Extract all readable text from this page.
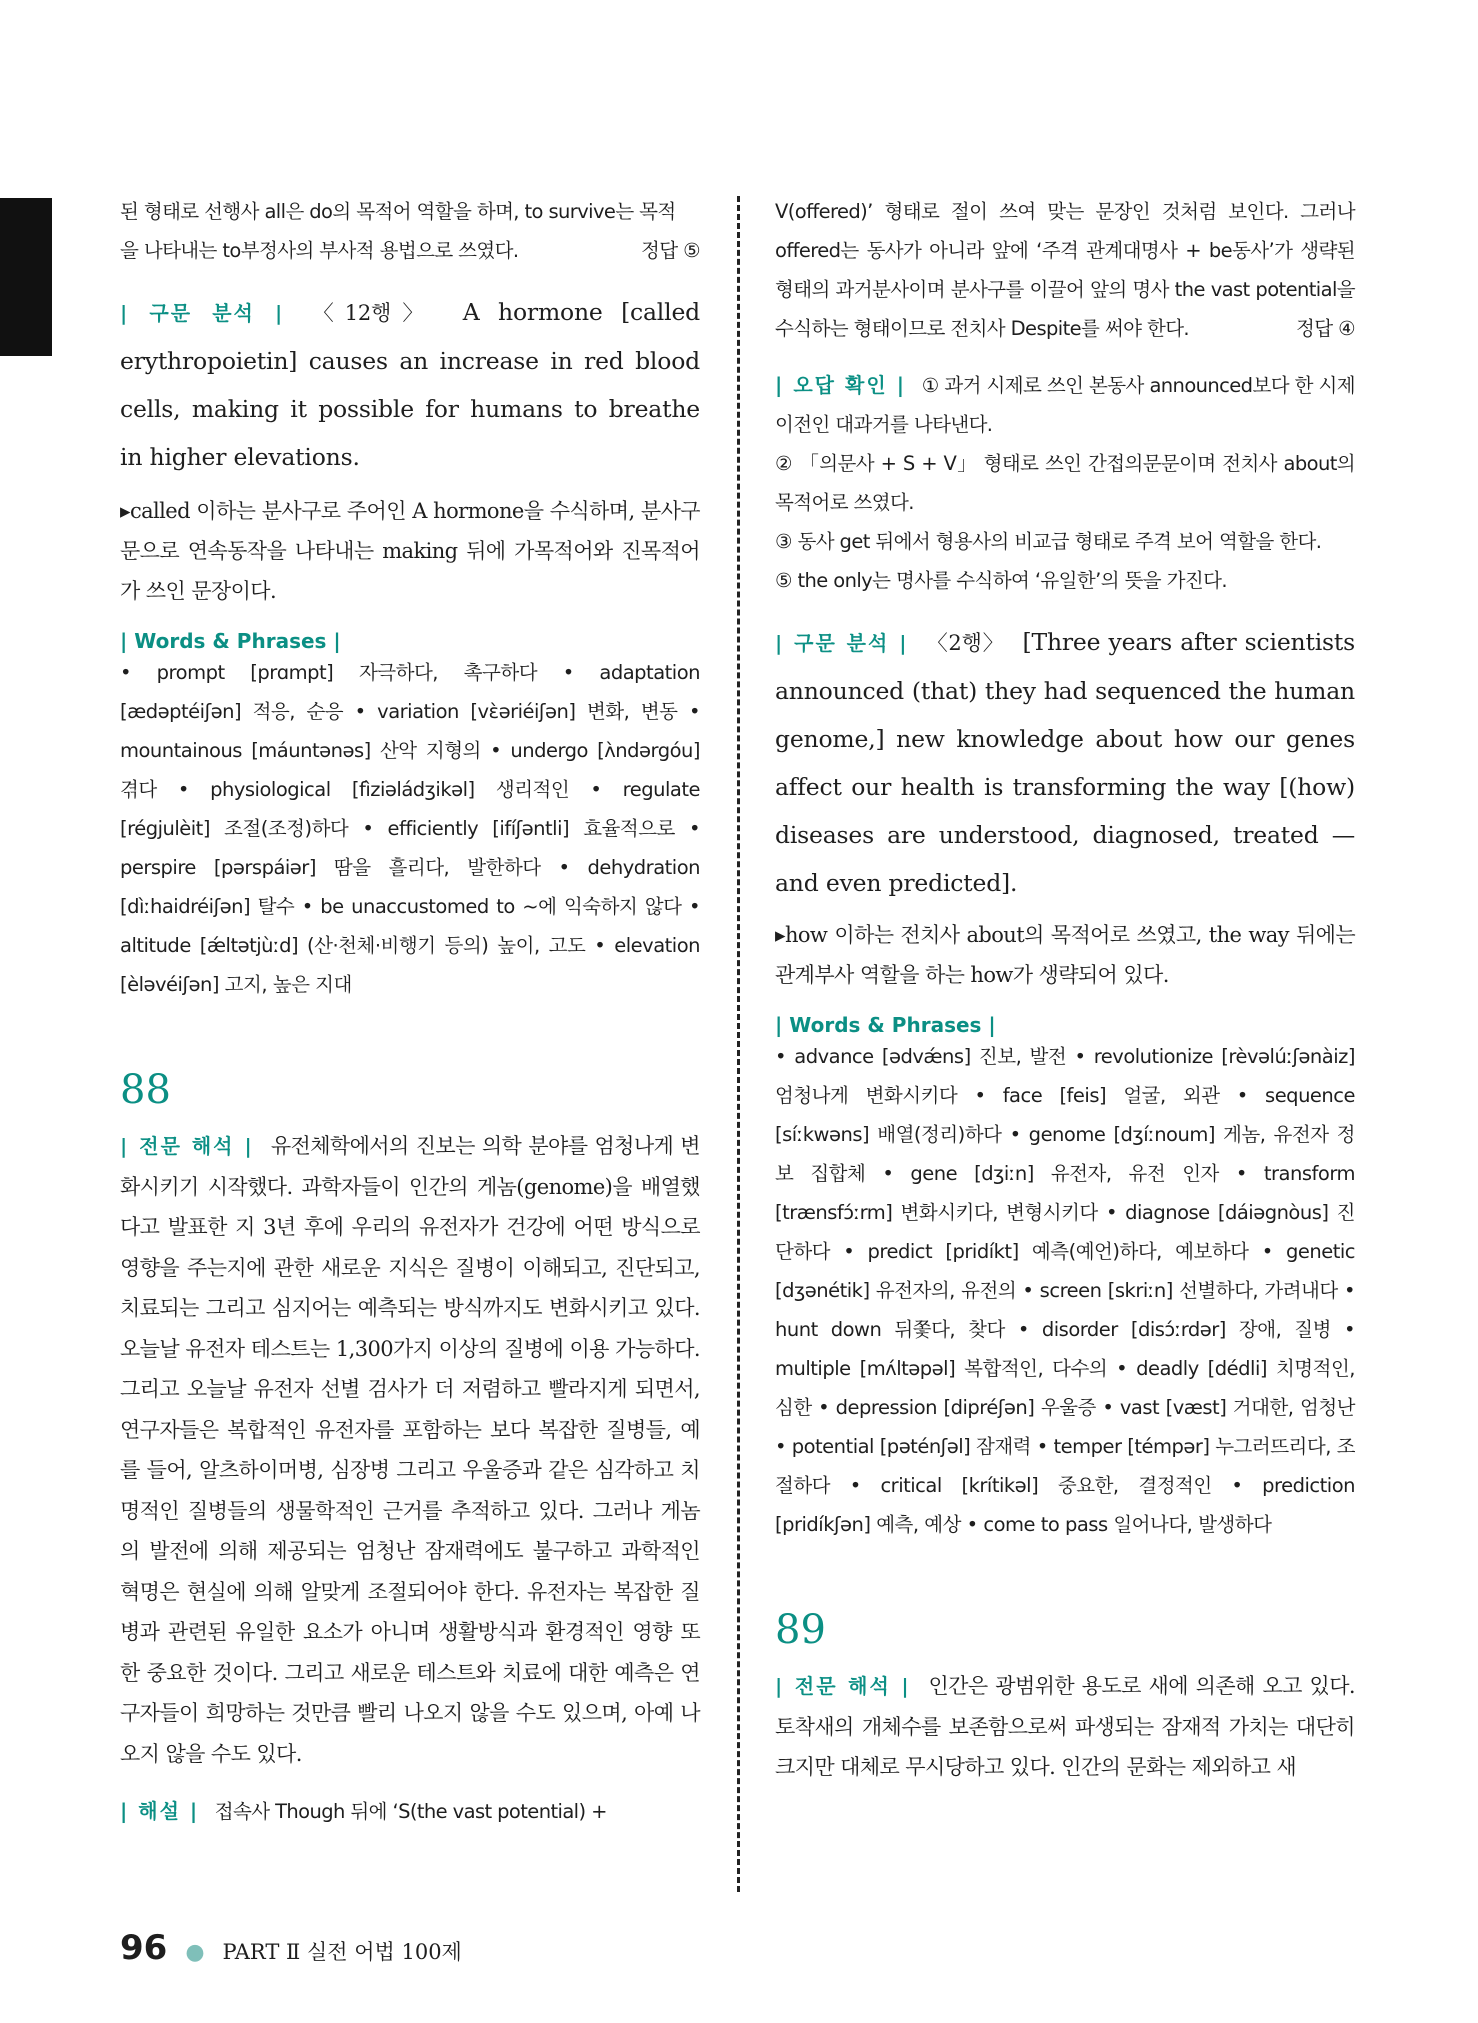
된 형태로 선행사 all은 do의 목적어 역할을 하며, to survive는 목적
을 나타내는 to부정사의 부사적 용법으로 쓰였다.	정답 ⑤
| 구문 분석 | 〈12행〉 A hormone [called erythropoietin] causes an increase in red blood cells, making it possible for humans to breathe in higher elevations.
▸called 이하는 분사구로 주어인 A hormone을 수식하며, 분사구문으로 연속동작을 나타내는 making 뒤에 가목적어와 진목적어가 쓰인 문장이다.
| Words & Phrases |
• prompt [prɑmpt] 자극하다, 촉구하다 • adaptation [ӕdəptéiʃən] 적응, 순응 • variation [vɛ̀əriéiʃən] 변화, 변동 • mountainous [máuntənəs] 산악 지형의 • undergo [ʌ̀ndərgóu] 겪다 • physiological [fìziəládʒikəl] 생리적인 • regulate [régjulèit] 조절(조정)하다 • efficiently [ifíʃəntli] 효율적으로 • perspire [pərspáiər] 땀을 흘리다, 발한하다 • dehydration [dìːhaidréiʃən] 탈수 • be unaccustomed to ~에 익숙하지 않다 • altitude [ǽltətjùːd] (산·천체·비행기 등의) 높이, 고도 • elevation [èləvéiʃən] 고지, 높은 지대
88
| 전문 해석 | 유전체학에서의 진보는 의학 분야를 엄청나게 변화시키기 시작했다. 과학자들이 인간의 게놈(genome)을 배열했다고 발표한 지 3년 후에 우리의 유전자가 건강에 어떤 방식으로 영향을 주는지에 관한 새로운 지식은 질병이 이해되고, 진단되고, 치료되는 그리고 심지어는 예측되는 방식까지도 변화시키고 있다. 오늘날 유전자 테스트는 1,300가지 이상의 질병에 이용 가능하다. 그리고 오늘날 유전자 선별 검사가 더 저렴하고 빨라지게 되면서, 연구자들은 복합적인 유전자를 포함하는 보다 복잡한 질병들, 예를 들어, 알츠하이머병, 심장병 그리고 우울증과 같은 심각하고 치명적인 질병들의 생물학적인 근거를 추적하고 있다. 그러나 게놈의 발전에 의해 제공되는 엄청난 잠재력에도 불구하고 과학적인 혁명은 현실에 의해 알맞게 조절되어야 한다. 유전자는 복잡한 질병과 관련된 유일한 요소가 아니며 생활방식과 환경적인 영향 또한 중요한 것이다. 그리고 새로운 테스트와 치료에 대한 예측은 연구자들이 희망하는 것만큼 빨리 나오지 않을 수도 있으며, 아예 나오지 않을 수도 있다.
| 해설 | 접속사 Though 뒤에 ‘S(the vast potential) +
V(offered)’ 형태로 절이 쓰여 맞는 문장인 것처럼 보인다. 그러나 offered는 동사가 아니라 앞에 ‘주격 관계대명사 + be동사’가 생략된 형태의 과거분사이며 분사구를 이끌어 앞의 명사 the vast potential을 수식하는 형태이므로 전치사 Despite를 써야 한다.	정답 ④
| 오답 확인 | ① 과거 시제로 쓰인 본동사 announced보다 한 시제 이전인 대과거를 나타낸다.
② 「의문사 + S + V」 형태로 쓰인 간접의문문이며 전치사 about의 목적어로 쓰였다.
③ 동사 get 뒤에서 형용사의 비교급 형태로 주격 보어 역할을 한다.
⑤ the only는 명사를 수식하여 ‘유일한’의 뜻을 가진다.
| 구문 분석 | 〈2행〉 [Three years after scientists announced (that) they had sequenced the human genome,] new knowledge about how our genes affect our health is transforming the way [(how) diseases are understood, diagnosed, treated — and even predicted].
▸how 이하는 전치사 about의 목적어로 쓰였고, the way 뒤에는 관계부사 역할을 하는 how가 생략되어 있다.
| Words & Phrases |
• advance [ədvǽns] 진보, 발전 • revolutionize [rèvəlúːʃənàiz] 엄청나게 변화시키다 • face [feis] 얼굴, 외관 • sequence [síːkwəns] 배열(정리)하다 • genome [dʒíːnoum] 게놈, 유전자 정보 집합체 • gene [dʒiːn] 유전자, 유전 인자 • transform [trænsfɔ́ːrm] 변화시키다, 변형시키다 • diagnose [dáiəgnòus] 진단하다 • predict [pridíkt] 예측(예언)하다, 예보하다 • genetic [dʒənétik] 유전자의, 유전의 • screen [skriːn] 선별하다, 가려내다 • hunt down 뒤쫓다, 찾다 • disorder [disɔ́ːrdər] 장애, 질병 • multiple [mʌ́ltəpəl] 복합적인, 다수의 • deadly [dédli] 치명적인, 심한 • depression [dipréʃən] 우울증 • vast [væst] 거대한, 엄청난 • potential [pəténʃəl] 잠재력 • temper [témpər] 누그러뜨리다, 조절하다 • critical [krítikəl] 중요한, 결정적인 • prediction [pridíkʃən] 예측, 예상 • come to pass 일어나다, 발생하다
89
| 전문 해석 | 인간은 광범위한 용도로 새에 의존해 오고 있다. 토착새의 개체수를 보존함으로써 파생되는 잠재적 가치는 대단히 크지만 대체로 무시당하고 있다. 인간의 문화는 제외하고 새
96 ● PART Ⅱ 실전 어법 100제
